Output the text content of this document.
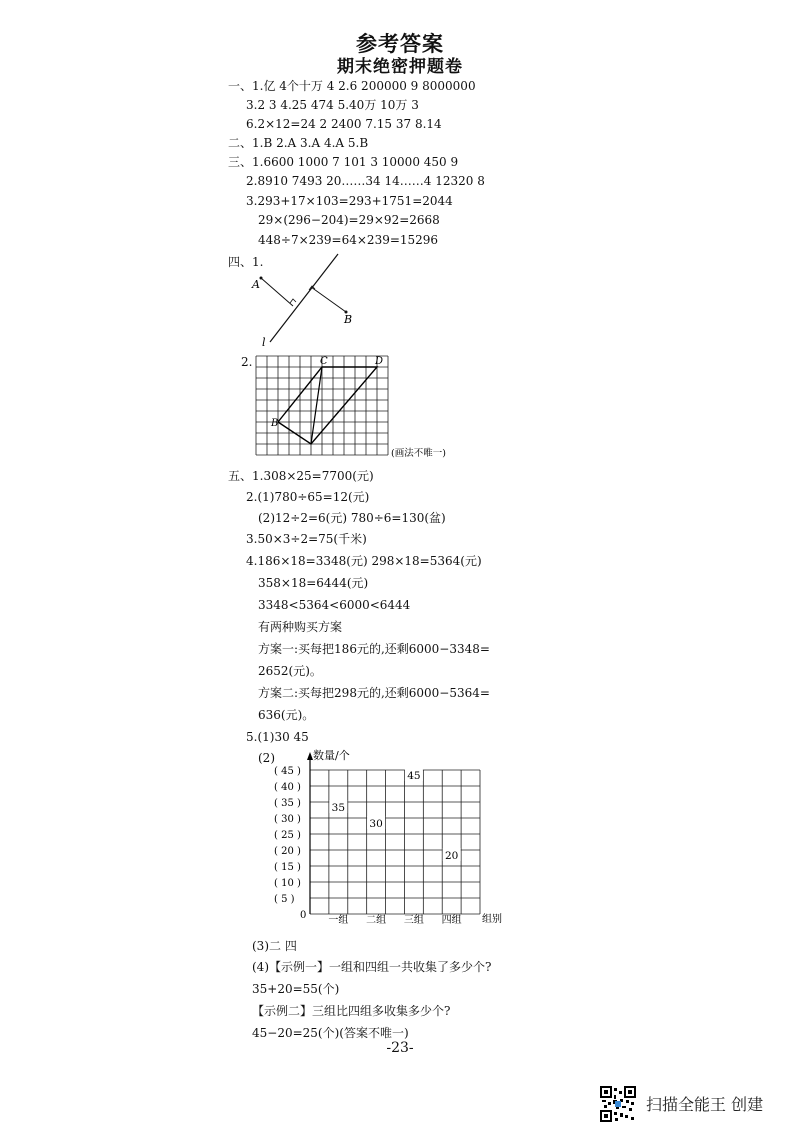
参考答案
期末绝密押题卷
一、1.亿 4个十万 4 2.6 200000 9 8000000
3.2 3 4.25 474 5.40万 10万 3
6.2×12=24 2 2400 7.15 37 8.14
二、1.B 2.A 3.A 4.A 5.B
三、1.6600 1000 7 101 3 10000 450 9
2.8910 7493 20……34 14……4 12320 8
3.293+17×103=293+1751=2044
29×(296−204)=29×92=2668
448÷7×239=64×239=15296
四、1.
A
B
l
2.
B
C	D
(画法不唯一)
五、1.308×25=7700(元)
2.(1)780÷65=12(元)
(2)12÷2=6(元) 780÷6=130(盆)
3.50×3÷2=75(千米)
4.186×18=3348(元) 298×18=5364(元)
358×18=6444(元)
3348<5364<6000<6444
有两种购买方案
方案一:买每把186元的,还剩6000−3348=
2652(元)。
方案二:买每把298元的,还剩6000−5364=
636(元)。
5.(1)30 45
(2)	数量/个
0
( 5 )
( 10 )
( 15 )
( 20 )
( 25 )
( 30 )
( 35 )
( 40 )
( 45 )
35
30
45
20
一组 二组 三组 四组 组别
(3)二 四
(4)【示例一】一组和四组一共收集了多少个?
35+20=55(个)
【示例二】三组比四组多收集多少个?
45−20=25(个)(答案不唯一)
-23-
扫描全能王 创建
